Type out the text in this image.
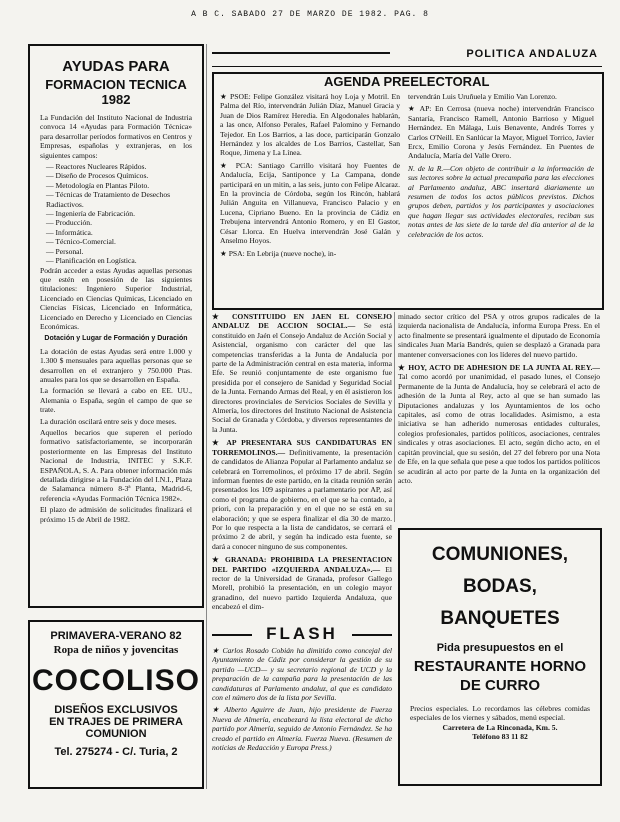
A B C. SABADO 27 DE MARZO DE 1982. PAG. 8
AYUDAS PARA
FORMACION TECNICA 1982

La Fundación del Instituto Nacional de Industria convoca 14 «Ayudas para Formación Técnica» para desarrollar períodos formativos en Centros y Empresas, españolas y extranjeras, en los siguientes campos:

— Reactores Nucleares Rápidos.
— Diseño de Procesos Químicos.
— Metodología en Plantas Piloto.
— Técnicas de Tratamiento de Desechos Radiactivos.
— Ingeniería de Fabricación.
— Producción.
— Informática.
— Técnico-Comercial.
— Personal.
— Planificación en Logística.

Podrán acceder a estas Ayudas aquellas personas que estén en posesión de las siguientes titulaciones: Ingeniero Superior Industrial, Licenciado en Ciencias Químicas, Licenciado en Ciencias Físicas, Licenciado en Informática, Licenciado en Derecho y Licenciado en Ciencias Económicas.

Dotación y Lugar de Formación y Duración

La dotación de estas Ayudas será entre 1.000 y 1.300 $ mensuales para aquellas personas que se desarrollen en el extranjero y 750.000 Ptas. anuales para los que se desarrollen en España.

La formación se llevará a cabo en EE. UU., Alemania o España, según el campo de que se trate.

La duración oscilará entre seis y doce meses.

Aquellos becarios que superen el período formativo satisfactoriamente, se incorporarán posteriormente en las Empresas del Instituto Nacional de Industria, INITEC y S.K.F. ESPAÑOLA, S. A. Para obtener información más detallada dirigirse a la Fundación del I.N.I., Plaza de Salamanca número 8-3ª Planta, Madrid-6, referencia «Ayudas Formación Técnica 1982».

El plazo de admisión de solicitudes finalizará el próximo 15 de Abril de 1982.

PRIMAVERA-VERANO 82
Ropa de niños y jovencitas
COCOLISO
DISEÑOS EXCLUSIVOS
EN TRAJES DE PRIMERA
COMUNION
Tel. 275274 - C/. Turia, 2
POLITICA ANDALUZA
AGENDA PREELECTORAL

★ PSOE: Felipe González visitará hoy Loja y Motril. En Palma del Río, intervendrán Julián Díaz, Manuel Gracia y Juan de Dios Ramírez Heredia. En Algodonales hablarán, a las once, Alfonso Perales, Rafael Palomino y Fernando Tejedor. En Los Barrios, a las doce, participarán Gonzalo Hernández y los alcaldes de Los Barrios, Castellar, San Roque, Jimena y La Línea.

★ PCA: Santiago Carrillo visitará hoy Fuentes de Andalucía, Ecija, Santiponce y La Campana, donde participará en un mitin, a las seis, junto con Felipe Alcaraz. En la provincia de Córdoba, según los Rincón, hablará Julián Anguita en Villanueva, Francisco Palacio y en Lucena, Cipriano Bueno. En la provincia de Cádiz en Trebujena intervendrá Antonio Romero, y en El Gastor, César Llorca. En Huelva intervendrán José Galán y Anselmo Hoyos.

★ PSA: En Lebrija (nueve noche), in-

tervendrán Luis Uruñuela y Emilio Van Lorenzo.

★ AP: En Cerrosa (nueva noche) intervendrán Francisco Santaría, Francisco Ramell, Antonio Barrioso y Miguel Hernández. En Málaga, Luis Benavente, Andrés Torres y Carlos O'Neill. En Sanlúcar la Mayor, Miguel Torrico, Javier Ercx, Emilio Corona y Jesús Fernández. En Puentes de Andalucía, María del Valle Orero.

N. de la R.—Con objeto de contribuir a la información de sus lectores sobre la actual precampaña para las elecciones al Parlamento andaluz, ABC insertará diariamente un resumen de todos los actos públicos previstos. Dichos grupos deben, partidos y los participantes y asociaciones que hagan llegar sus actividades electorales, reciban sus notas antes de las siete de la tarde del día anterior al de la celebración de los actos.

★ CONSTITUIDO EN JAEN EL CONSEJO ANDALUZ DE ACCION SOCIAL.— Se está constituido en Jaén el Consejo Andaluz de Acción Social y Asistencial, organismo con carácter del que las competencias transferidas a la Junta de Andalucía por parte de la Administración central en esta materia, informa Efe. Se reunió conjuntamente de este organismo fue presidida por el consejero de Sanidad y Seguridad Social de la Junta. Fernando Armas del Real, y en él asistieron los directores provinciales de Servicios Sociales de Sevilla y Almería, los directores del Instituto Nacional de Asistencia Social de Granada y Córdoba, y diversos representantes de la Junta.

★ AP PRESENTARA SUS CANDIDATURAS EN TORREMOLINOS.— Definitivamente, la presentación de candidatos de Alianza Popular al Parlamento andaluz se celebrará en Torremolinos, el próximo 17 de abril. Según informan fuentes de este partido, en la citada reunión serán presentados los 109 aspirantes a parlamentario por AP, así como el programa de gobierno, en el que se ha contado, a priori, con la preparación y en el que no se está en su elaboración; y que se espera finalizar el día 30 de marzo. Por lo que respecta a la lista de candidatos, se cerrará el próximo 2 de abril, y según ha indicado esta fuente, se dará a conocer ninguno de sus componentes.

★ GRANADA: PROHIBIDA LA PRESENTACION DEL PARTIDO «IZQUIERDA ANDALUZA».— El rector de la Universidad de Granada, profesor Gallego Morell, prohibió la presentación, en un colegio mayor granadino, del nuevo partido Izquierda Andaluza, que encabezó el dim-

minado sector crítico del PSA y otros grupos radicales de la izquierda nacionalista de Andalucía, informa Europa Press. En el acto finalmente se presentará igualmente el diputado de Economía sindicales Juan María Bandrés, quien se desplazó a Granada para mantener conversaciones con los líderes del nuevo partido.

★ HOY, ACTO DE ADHESION DE LA JUNTA AL REY.— Tal como acordó por unanimidad, el pasado lunes, el Consejo Permanente de la Junta de Andalucía, hoy se celebrará el acto de adhesión de la Junta al Rey, acto al que se han sumado las Diputaciones andaluzas y los Ayuntamientos de los ocho capitales, así como de otras localidades. Asimismo, a esta iniciativa se han adherido numerosas entidades culturales, colegios profesionales, partidos políticos, asociaciones, centrales sindicales y otras asociaciones. El acto, según dicho acto, en el capitán provincial, que su sesión, del 27 del febrero por una Nota de Efe, en la que señala que pese a que todos los partidos políticos se acudirán al acto por parte de la Junta en la organización del acto.

FLASH

★ Carlos Rosado Cobián ha dimitido como concejal del Ayuntamiento de Cádiz por considerar la gestión de su partido —UCD— y su secretario regional de UCD y la preparación de la campaña para la presentación de las candidaturas al Parlamento andaluz, al que es candidato con el número dos de la lista por Sevilla.

★ Alberto Aguirre de Juan, hijo presidente de Fuerza Nueva de Almería, encabezará la lista electoral de dicho partido por Almería, seguido de Antonio Fernández. Se ha creado el partido en Almería. Fuerza Nueva. (Resumen de noticias de Redacción y Europa Press.)

COMUNIONES,
BODAS,
BANQUETES
Pida presupuestos en el
RESTAURANTE HORNO
DE CURRO
Precios especiales. Lo recordamos las célebres comidas especiales de los viernes y sábados, menú especial.
Carretera de La Rinconada, Km. 5.
Teléfono 83 11 82
